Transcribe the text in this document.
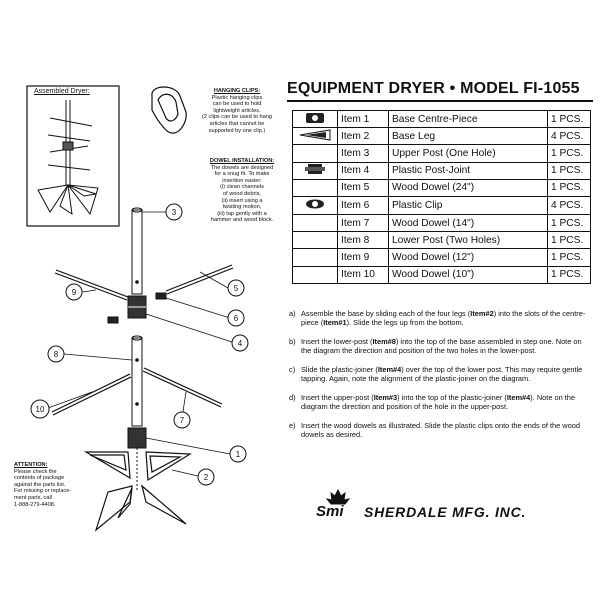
3
5
6
4
9
8
10
7
1
2
Assembled Dryer:	HANGING CLIPS:
Plastic hanging clips
can be used to hold
lightweight articles.
(2 clips can be used to hang
articles that cannot be
supported by one clip.)
DOWEL INSTALLATION:
The dowels are designed
for a snug fit. To make
insertion easier:
(i) clean channels
of wood debris,
(ii) insert using a
twisting motion,
(iii) tap gently with a
hammer and wood block.
ATTENTION:
Please check the
contents of package
against the parts list.
For missing or replace-
ment parts, call
1-888-279-4408.
EQUIPMENT DRYER • MODEL FI-1055
	Item 1	Base Centre-Piece	1 PCS.
	Item 2	Base Leg	4 PCS.
	Item 3	Upper Post (One Hole)	1 PCS.
	Item 4	Plastic Post-Joint	1 PCS.
	Item 5	Wood Dowel (24")	1 PCS.
	Item 6	Plastic Clip	4 PCS.
	Item 7	Wood Dowel (14")	1 PCS.
	Item 8	Lower Post (Two Holes)	1 PCS.
	Item 9	Wood Dowel (12")	1 PCS.
	Item 10	Wood Dowel (10")	1 PCS.
a) Assemble the base by sliding each of the four legs (Item#2) into the slots of the centre-piece (Item#1). Slide the legs up from the bottom.
b) Insert the lower-post (Item#8) into the top of the base assembled in step one. Note on the diagram the direction and position of the two holes in the lower-post.
c) Slide the plastic-joiner (Item#4) over the top of the lower post. This may require gentle tapping. Again, note the alignment of the plastic-joiner on the diagram.
d) Insert the upper-post (Item#3) into the top of the plastic-joiner (Item#4). Note on the diagram the direction and position of the hole in the upper-post.
e) Insert the wood dowels as illustrated. Slide the plastic clips onto the ends of the wood dowels as desired.
Smi SHERDALE MFG. INC.
